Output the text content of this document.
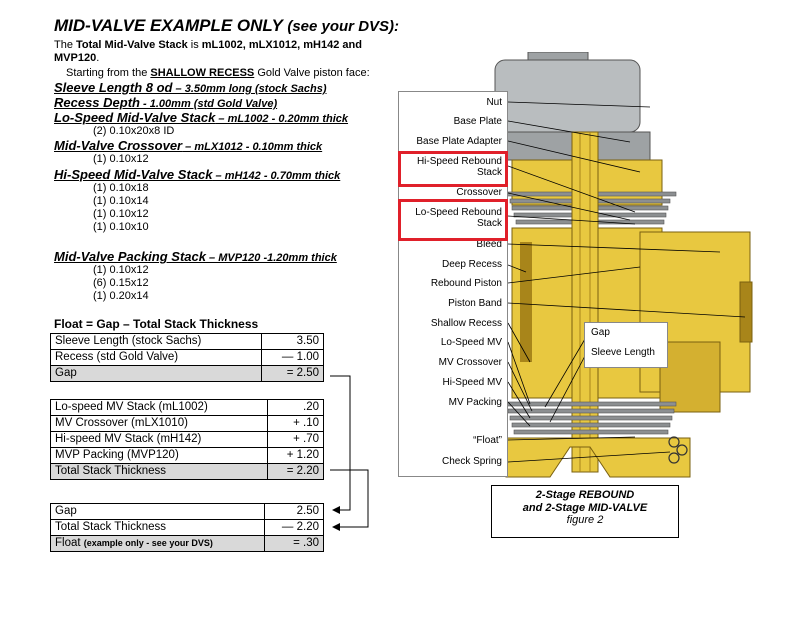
MID-VALVE EXAMPLE ONLY (see your DVS):
The Total Mid-Valve Stack is mL1002, mLX1012, mH142 and MVP120.
Starting from the SHALLOW RECESS Gold Valve piston face:
Sleeve Length 8 od – 3.50mm long (stock Sachs)
Recess Depth - 1.00mm (std Gold Valve)
Lo-Speed Mid-Valve Stack – mL1002 - 0.20mm thick
(2) 0.10x20x8 ID
Mid-Valve Crossover – mLX1012 - 0.10mm thick
(1) 0.10x12
Hi-Speed Mid-Valve Stack – mH142 - 0.70mm thick
(1) 0.10x18
(1) 0.10x14
(1) 0.10x12
(1) 0.10x10
Mid-Valve Packing Stack – MVP120 -1.20mm thick
(1) 0.10x12
(6) 0.15x12
(1) 0.20x14
Float = Gap – Total Stack Thickness
Sleeve Length (stock Sachs)	3.50
Recess (std Gold Valve)	— 1.00
Gap	= 2.50
Lo-speed MV Stack (mL1002)	.20
MV Crossover (mLX1010)	+ .10
Hi-speed MV Stack (mH142)	+ .70
MVP Packing (MVP120)	+ 1.20
Total Stack Thickness	= 2.20
Gap	2.50
Total Stack Thickness	— 2.20
Float (example only - see your DVS)	= .30
Nut
Base Plate
Base Plate Adapter
Hi-Speed Rebound
Stack
Crossover
Lo-Speed Rebound
Stack
Bleed
Deep Recess
Rebound Piston
Piston Band
Shallow Recess
Lo-Speed MV
MV Crossover
Hi-Speed MV
MV Packing
“Float”
Check Spring
Gap
Sleeve Length
2-Stage REBOUND
and 2-Stage MID-VALVE
figure 2
